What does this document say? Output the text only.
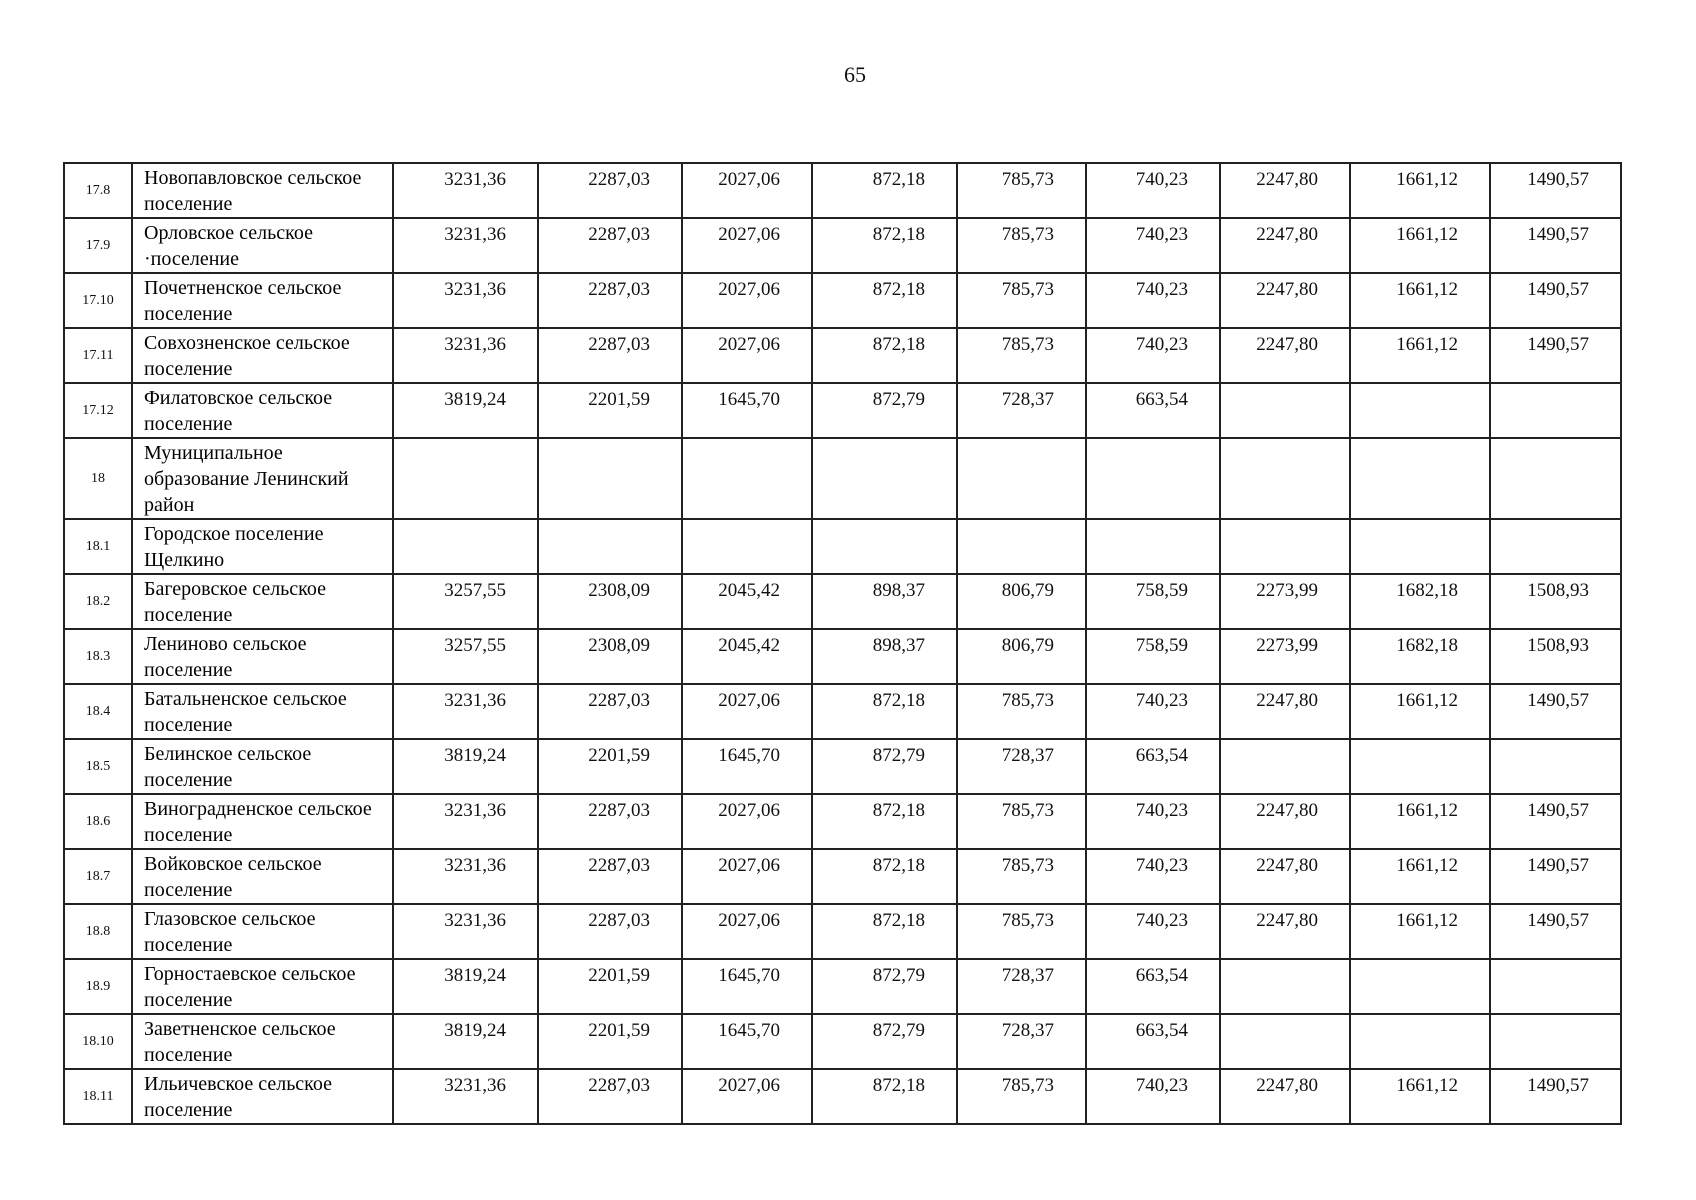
65
17.8	Новопавловское сельское поселение	3231,36	2287,03	2027,06	872,18	785,73	740,23	2247,80	1661,12	1490,57
17.9	Орловское сельское ·поселение	3231,36	2287,03	2027,06	872,18	785,73	740,23	2247,80	1661,12	1490,57
17.10	Почетненское сельское поселение	3231,36	2287,03	2027,06	872,18	785,73	740,23	2247,80	1661,12	1490,57
17.11	Совхозненское сельское поселение	3231,36	2287,03	2027,06	872,18	785,73	740,23	2247,80	1661,12	1490,57
17.12	Филатовское сельское поселение	3819,24	2201,59	1645,70	872,79	728,37	663,54			
18	Муниципальное образование Ленинский район									
18.1	Городское поселение Щелкино									
18.2	Багеровское сельское поселение	3257,55	2308,09	2045,42	898,37	806,79	758,59	2273,99	1682,18	1508,93
18.3	Лениново сельское поселение	3257,55	2308,09	2045,42	898,37	806,79	758,59	2273,99	1682,18	1508,93
18.4	Батальненское сельское поселение	3231,36	2287,03	2027,06	872,18	785,73	740,23	2247,80	1661,12	1490,57
18.5	Белинское сельское поселение	3819,24	2201,59	1645,70	872,79	728,37	663,54			
18.6	Виноградненское сельское поселение	3231,36	2287,03	2027,06	872,18	785,73	740,23	2247,80	1661,12	1490,57
18.7	Войковское сельское поселение	3231,36	2287,03	2027,06	872,18	785,73	740,23	2247,80	1661,12	1490,57
18.8	Глазовское сельское поселение	3231,36	2287,03	2027,06	872,18	785,73	740,23	2247,80	1661,12	1490,57
18.9	Горностаевское сельское поселение	3819,24	2201,59	1645,70	872,79	728,37	663,54			
18.10	Заветненское сельское поселение	3819,24	2201,59	1645,70	872,79	728,37	663,54			
18.11	Ильичевское сельское поселение	3231,36	2287,03	2027,06	872,18	785,73	740,23	2247,80	1661,12	1490,57
